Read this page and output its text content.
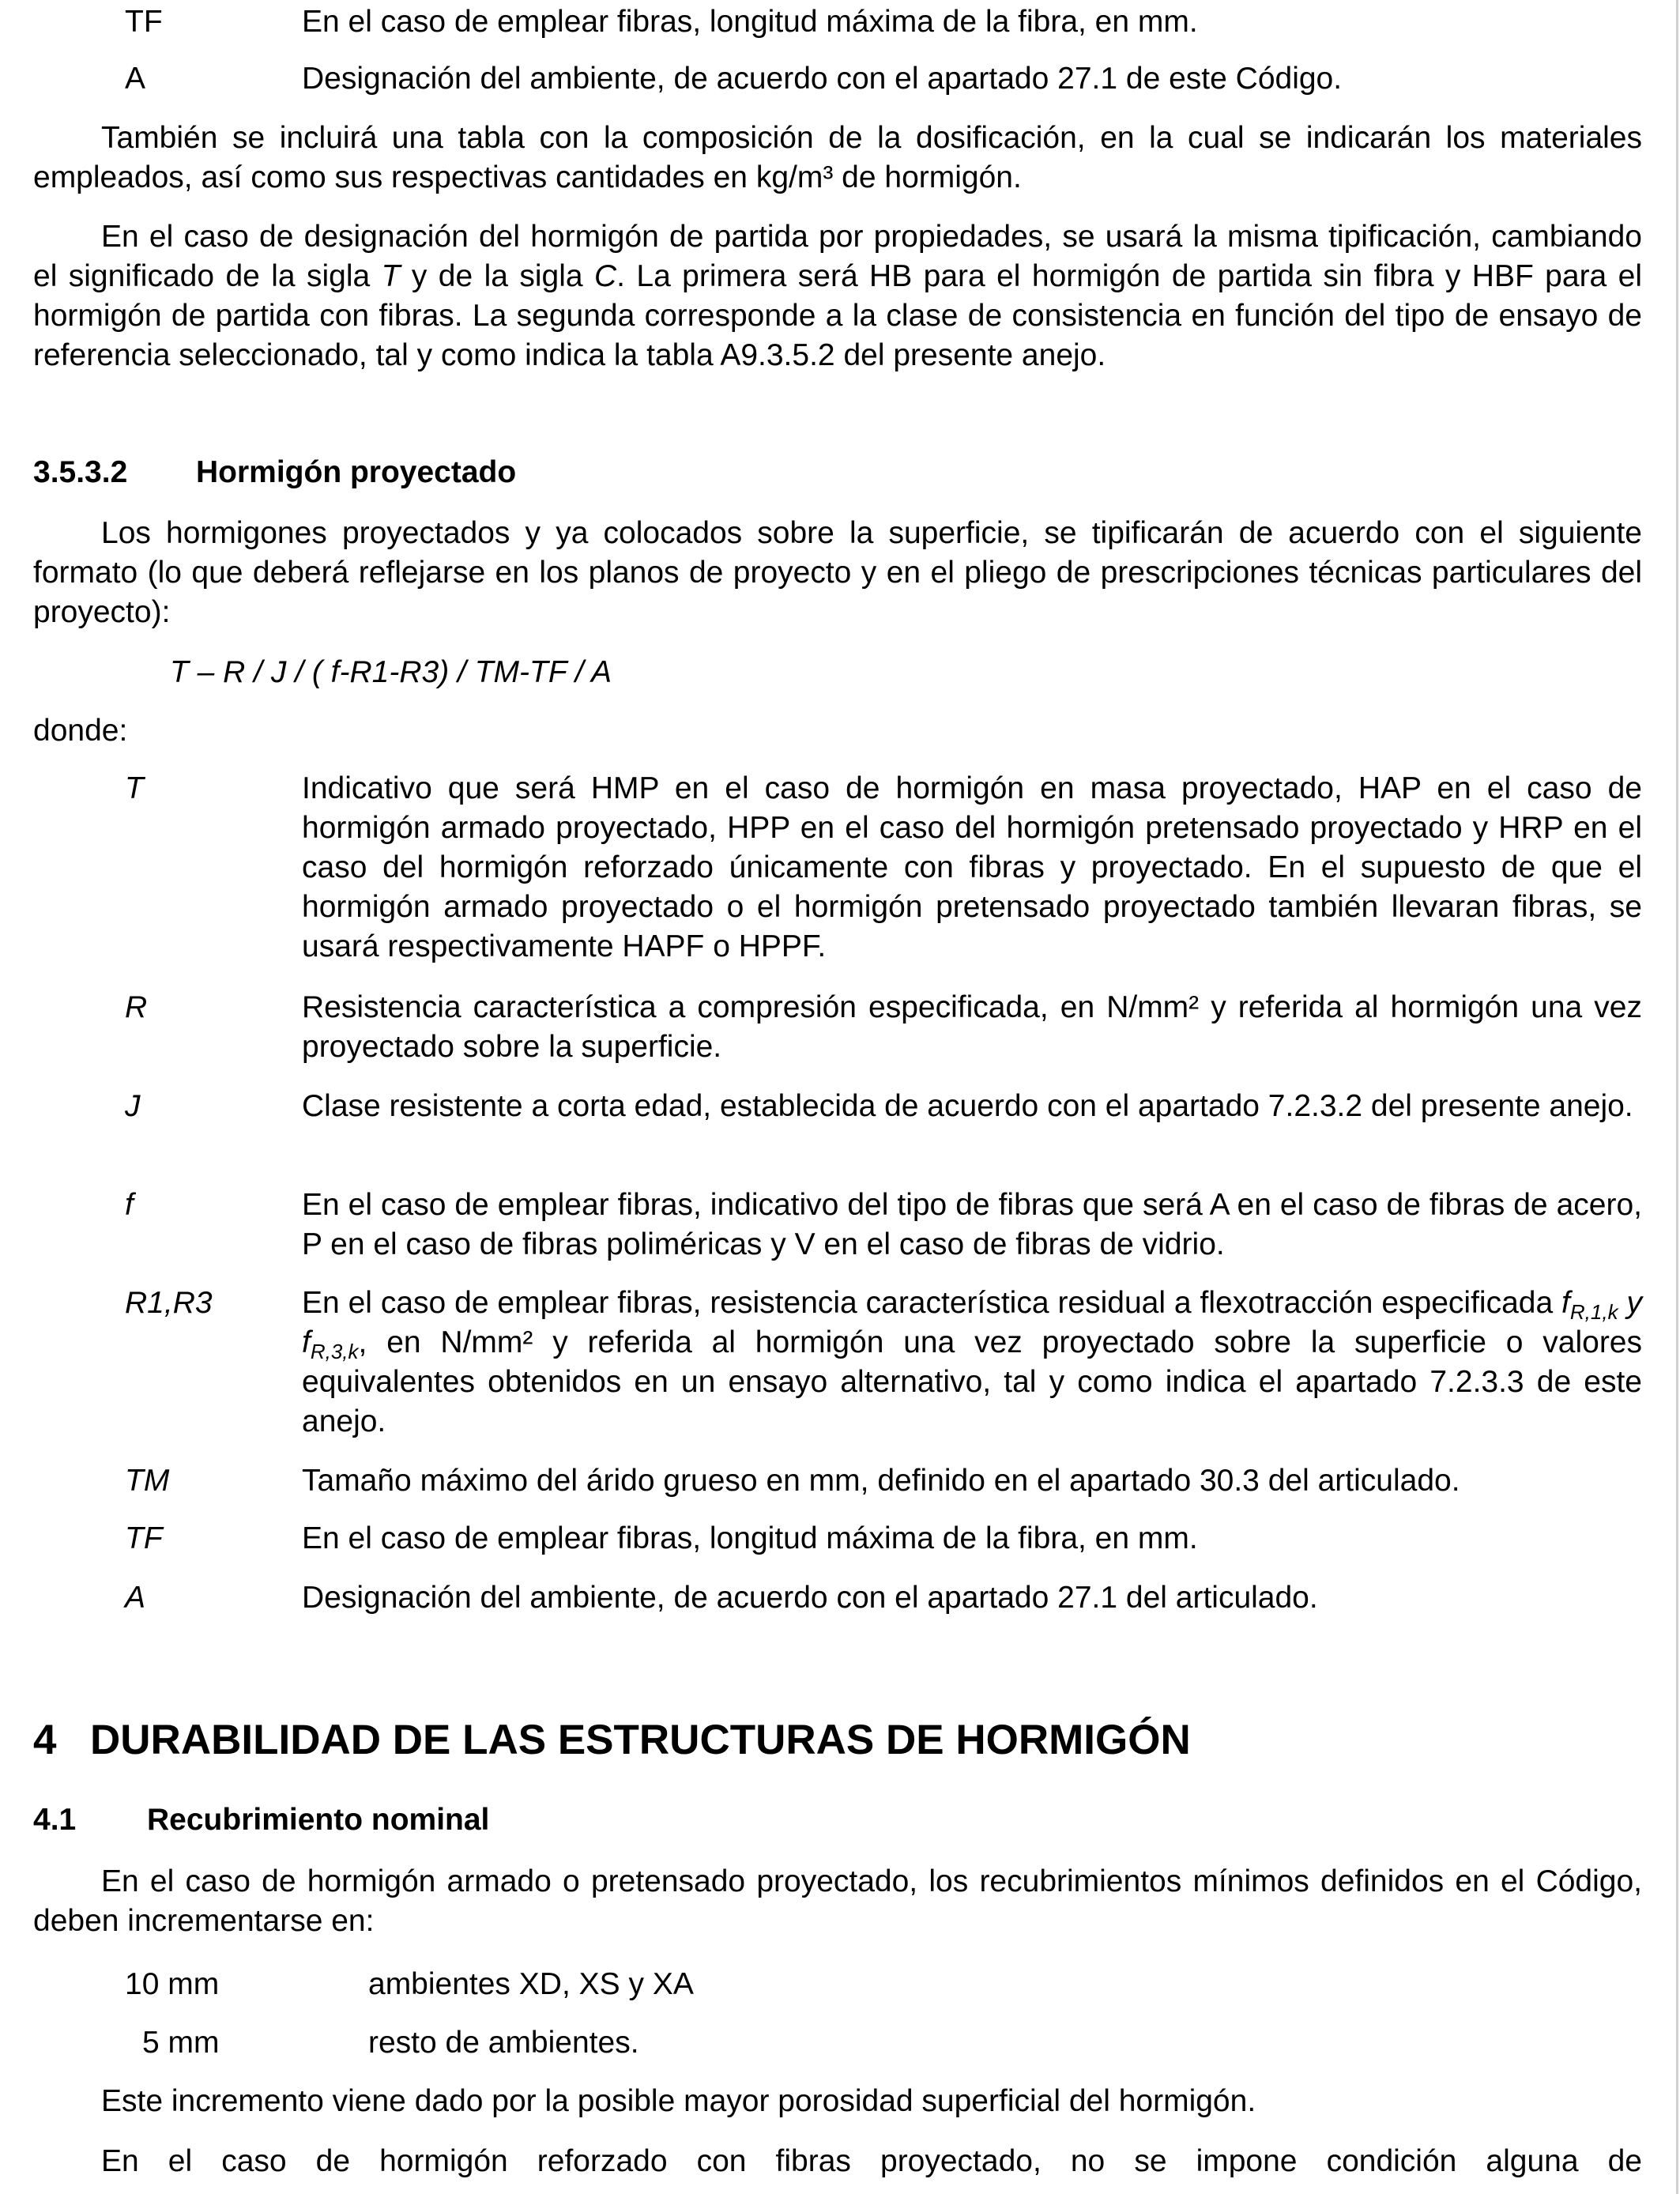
TF	En el caso de emplear fibras, longitud máxima de la fibra, en mm.
A	Designación del ambiente, de acuerdo con el apartado 27.1 de este Código.
También se incluirá una tabla con la composición de la dosificación, en la cual se indicarán los materiales empleados, así como sus respectivas cantidades en kg/m³ de hormigón.
En el caso de designación del hormigón de partida por propiedades, se usará la misma tipificación, cambiando el significado de la sigla T y de la sigla C. La primera será HB para el hormigón de partida sin fibra y HBF para el hormigón de partida con fibras. La segunda corresponde a la clase de consistencia en función del tipo de ensayo de referencia seleccionado, tal y como indica la tabla A9.3.5.2 del presente anejo.
3.5.3.2 Hormigón proyectado
Los hormigones proyectados y ya colocados sobre la superficie, se tipificarán de acuerdo con el siguiente formato (lo que deberá reflejarse en los planos de proyecto y en el pliego de prescripciones técnicas particulares del proyecto):
T – R / J / ( f-R1-R3) / TM-TF / A
donde:
T	Indicativo que será HMP en el caso de hormigón en masa proyectado, HAP en el caso de hormigón armado proyectado, HPP en el caso del hormigón pretensado proyectado y HRP en el caso del hormigón reforzado únicamente con fibras y proyectado. En el supuesto de que el hormigón armado proyectado o el hormigón pretensado proyectado también llevaran fibras, se usará respectivamente HAPF o HPPF.
R	Resistencia característica a compresión especificada, en N/mm² y referida al hormigón una vez proyectado sobre la superficie.
J	Clase resistente a corta edad, establecida de acuerdo con el apartado 7.2.3.2 del presente anejo.
f	En el caso de emplear fibras, indicativo del tipo de fibras que será A en el caso de fibras de acero, P en el caso de fibras poliméricas y V en el caso de fibras de vidrio.
R1,R3	En el caso de emplear fibras, resistencia característica residual a flexotracción especificada $f_{R,1,k}$ y $f_{R,3,k}$, en N/mm² y referida al hormigón una vez proyectado sobre la superficie o valores equivalentes obtenidos en un ensayo alternativo, tal y como indica el apartado 7.2.3.3 de este anejo.
TM	Tamaño máximo del árido grueso en mm, definido en el apartado 30.3 del articulado.
TF	En el caso de emplear fibras, longitud máxima de la fibra, en mm.
A	Designación del ambiente, de acuerdo con el apartado 27.1 del articulado.
4 DURABILIDAD DE LAS ESTRUCTURAS DE HORMIGÓN
4.1 Recubrimiento nominal
En el caso de hormigón armado o pretensado proyectado, los recubrimientos mínimos definidos en el Código, deben incrementarse en:
10 mm	ambientes XD, XS y XA
5 mm	resto de ambientes.
Este incremento viene dado por la posible mayor porosidad superficial del hormigón.
En el caso de hormigón reforzado con fibras proyectado, no se impone condición alguna de
